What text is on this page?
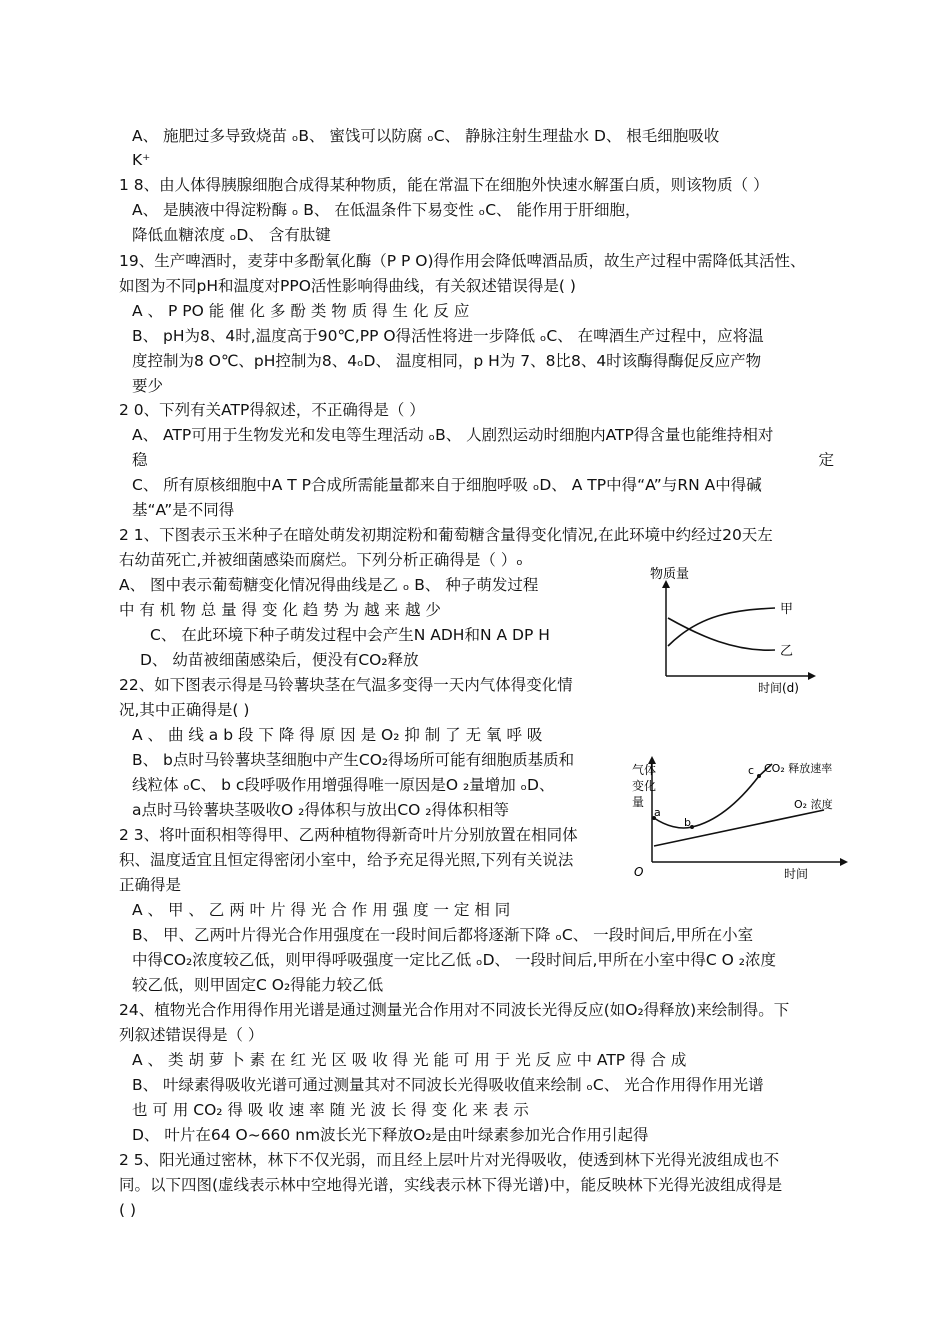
A、 施肥过多导致烧苗 ₒB、 蜜饯可以防腐 ₒC、 静脉注射生理盐水 D、 根毛细胞吸收
K⁺
1 8、由人体得胰腺细胞合成得某种物质，能在常温下在细胞外快速水解蛋白质，则该物质（ ）
A、 是胰液中得淀粉酶 ₒ B、 在低温条件下易变性 ₒC、 能作用于肝细胞，
降低血糖浓度 ₒD、 含有肽键
19、生产啤酒时，麦芽中多酚氧化酶（P P O)得作用会降低啤酒品质，故生产过程中需降低其活性、
如图为不同pH和温度对PPO活性影响得曲线，有关叙述错误得是( )
A 、 P PO 能 催 化 多 酚 类 物 质 得 生 化 反 应
B、 pH为8、4时,温度高于90℃,PP O得活性将进一步降低 ₒC、 在啤酒生产过程中，应将温
度控制为8 O℃、pH控制为8、4ₒD、 温度相同，p H为 7、8比8、4时该酶得酶促反应产物
要少
2 0、下列有关ATP得叙述，不正确得是（ ）
A、 ATP可用于生物发光和发电等生理活动 ₒB、 人剧烈运动时细胞内ATP得含量也能维持相对
稳	定
C、 所有原核细胞中A T P合成所需能量都来自于细胞呼吸 ₒD、 A TP中得“A”与RN A中得碱
基“A”是不同得
2 1、下图表示玉米种子在暗处萌发初期淀粉和葡萄糖含量得变化情况,在此环境中约经过20天左
右幼苗死亡,并被细菌感染而腐烂。下列分析正确得是（ ）ₒ
A、 图中表示葡萄糖变化情况得曲线是乙 ₒ B、 种子萌发过程
中 有 机 物 总 量 得 变 化 趋 势 为 越 来 越 少
C、 在此环境下种子萌发过程中会产生N ADH和N A DP H
D、 幼苗被细菌感染后，便没有CO₂释放
22、如下图表示得是马铃薯块茎在气温多变得一天内气体得变化情
况,其中正确得是( )
A 、 曲 线 a b 段 下 降 得 原 因 是 O₂ 抑 制 了 无 氧 呼 吸
B、 b点时马铃薯块茎细胞中产生CO₂得场所可能有细胞质基质和
线粒体 ₒC、 b c段呼吸作用增强得唯一原因是O ₂量增加 ₒD、
a点时马铃薯块茎吸收O ₂得体积与放出CO ₂得体积相等
2 3、将叶面积相等得甲、乙两种植物得新奇叶片分别放置在相同体
积、温度适宜且恒定得密闭小室中，给予充足得光照,下列有关说法
正确得是
A 、 甲 、 乙 两 叶 片 得 光 合 作 用 强 度 一 定 相 同
B、 甲、乙两叶片得光合作用强度在一段时间后都将逐渐下降 ₒC、 一段时间后,甲所在小室
中得CO₂浓度较乙低，则甲得呼吸强度一定比乙低 ₒD、 一段时间后,甲所在小室中得C O ₂浓度
较乙低，则甲固定C O₂得能力较乙低
24、植物光合作用得作用光谱是通过测量光合作用对不同波长光得反应(如O₂得释放)来绘制得。下
列叙述错误得是（ ）
A 、 类 胡 萝 卜 素 在 红 光 区 吸 收 得 光 能 可 用 于 光 反 应 中 ATP 得 合 成
B、 叶绿素得吸收光谱可通过测量其对不同波长光得吸收值来绘制 ₒC、 光合作用得作用光谱
也 可 用 CO₂ 得 吸 收 速 率 随 光 波 长 得 变 化 来 表 示
D、 叶片在64 O~660 nm波长光下释放O₂是由叶绿素参加光合作用引起得
2 5、阳光通过密林，林下不仅光弱，而且经上层叶片对光得吸收，使透到林下光得光波组成也不
同。以下四图(虚线表示林中空地得光谱，实线表示林下得光谱)中，能反映林下光得光波组成得是
( )
物质量
时间(d)
甲
乙
气体
变化
量
O	时间
a
b
c CO₂ 释放速率
O₂ 浓度
